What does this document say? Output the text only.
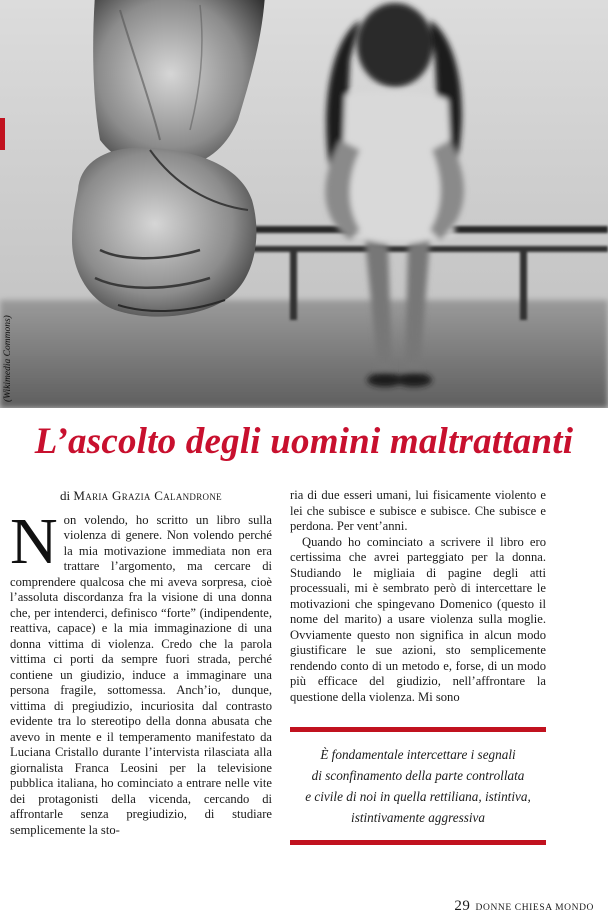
(Wikimedia Commons)
L’ascolto degli uomini maltrattanti
di Maria Grazia Calandrone

Non volendo, ho scritto un libro sulla violenza di genere. Non volendo perché la mia motivazione immediata non era trattare l’argomento, ma cercare di comprendere qualcosa che mi aveva sorpresa, cioè l’assoluta discordanza fra la visione di una donna che, per intenderci, definisco “forte” (indipendente, reattiva, capace) e la mia immaginazione di una donna vittima di violenza. Credo che la parola vittima ci porti da sempre fuori strada, perché contiene un giudizio, induce a immaginare una persona fragile, sottomessa. Anch’io, dunque, vittima di pregiudizio, incuriosita dal contrasto evidente tra lo stereotipo della donna abusata che avevo in mente e il temperamento manifestato da Luciana Cristallo durante l’intervista rilasciata alla giornalista Franca Leosini per la televisione pubblica italiana, ho cominciato a entrare nelle vite dei protagonisti della vicenda, cercando di affrontarle senza pregiudizio, di studiare semplicemente la sto-

ria di due esseri umani, lui fisicamente violento e lei che subisce e subisce e subisce. Che subisce e perdona. Per vent’anni.

Quando ho cominciato a scrivere il libro ero certissima che avrei parteggiato per la donna. Studiando le migliaia di pagine degli atti processuali, mi è sembrato però di intercettare le motivazioni che spingevano Domenico (questo il nome del marito) a usare violenza sulla moglie. Ovviamente questo non significa in alcun modo giustificare le sue azioni, sto semplicemente rendendo conto di un metodo e, forse, di un modo più efficace del giudizio, nell’affrontare la questione della violenza. Mi sono

È fondamentale intercettare i segnali
di sconfinamento della parte controllata
e civile di noi in quella rettiliana, istintiva,
istintivamente aggressiva
29 DONNE CHIESA MONDO
